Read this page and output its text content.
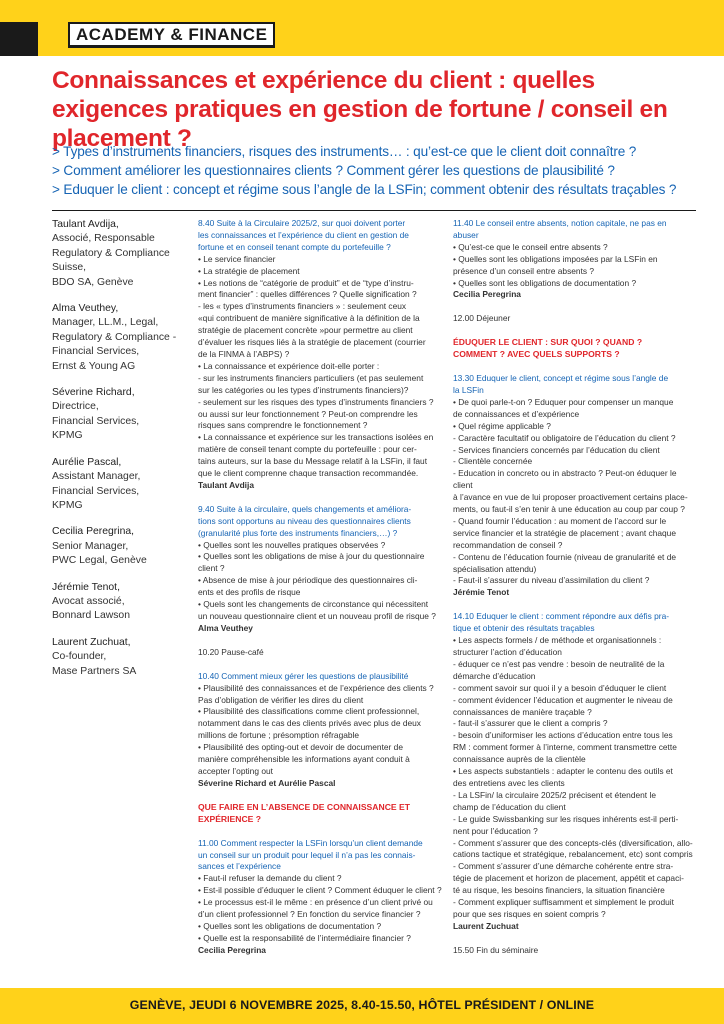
ACADEMY & FINANCE
Connaissances et expérience du client : quelles exigences pratiques en gestion de fortune / conseil en placement ?
> Types d’instruments financiers, risques des instruments… : qu’est-ce que le client doit connaître ?
> Comment améliorer les questionnaires clients ? Comment gérer les questions de plausibilité ?
> Eduquer le client : concept et régime sous l’angle de la LSFin; comment obtenir des résultats traçables ?
Taulant Avdija,
Associé, Responsable
Regulatory & Compliance
Suisse,
BDO SA, Genève
Alma Veuthey,
Manager, LL.M., Legal,
Regulatory & Compliance -
Financial Services,
Ernst & Young AG
Séverine Richard,
Directrice,
Financial Services,
KPMG
Aurélie Pascal,
Assistant Manager,
Financial Services,
KPMG
Cecilia Peregrina,
Senior Manager,
PWC Legal, Genève
Jérémie Tenot,
Avocat associé,
Bonnard Lawson
Laurent Zuchuat,
Co-founder,
Mase Partners SA
8.40 Suite à la Circulaire 2025/2, sur quoi doivent porter
les connaissances et l’expérience du client en gestion de
fortune et en conseil tenant compte du portefeuille ?
• Le service financier
• La stratégie de placement
• Les notions de “catégorie de produit” et de “type d’instru-
ment financier” : quelles différences ? Quelle signification ?
- les « types d’instruments financiers » : seulement ceux
«qui contribuent de manière significative à la définition de la
stratégie de placement concrète »pour permettre au client
d’évaluer les risques liés à la stratégie de placement (courrier
de la FINMA à l’ABPS) ?
• La connaissance et expérience doit-elle porter :
- sur les instruments financiers particuliers (et pas seulement
sur les catégories ou les types d’instruments financiers)?
- seulement sur les risques des types d’instruments financiers ?
ou aussi sur leur fonctionnement ? Peut-on comprendre les
risques sans comprendre le fonctionnement ?
• La connaissance et expérience sur les transactions isolées en
matière de conseil tenant compte du portefeuille : pour cer-
tains auteurs, sur la base du Message relatif à la LSFin, il faut
que le client comprenne chaque transaction recommandée.
Taulant Avdija
9.40 Suite à la circulaire, quels changements et améliora-
tions sont opportuns au niveau des questionnaires clients
(granularité plus forte des instruments financiers,…) ?
• Quelles sont les nouvelles pratiques observées ?
• Quelles sont les obligations de mise à jour du questionnaire
client ?
• Absence de mise à jour périodique des questionnaires cli-
ents et des profils de risque
• Quels sont les changements de circonstance qui nécessitent
un nouveau questionnaire client et un nouveau profil de risque ?
Alma Veuthey
10.20 Pause-café
10.40 Comment mieux gérer les questions de plausibilité
• Plausibilité des connaissances et de l’expérience des clients ?
Pas d’obligation de vérifier les dires du client
• Plausibilité des classifications comme client professionnel,
notamment dans le cas des clients privés avec plus de deux
millions de fortune ; présomption réfragable
• Plausibilité des opting-out et devoir de documenter de
manière compréhensible les informations ayant conduit à
accepter l’opting out
Séverine Richard et Aurélie Pascal
QUE FAIRE EN L’ABSENCE DE CONNAISSANCE ET
EXPÉRIENCE ?
11.00 Comment respecter la LSFin lorsqu’un client demande
un conseil sur un produit pour lequel il n’a pas les connais-
sances et l’expérience
• Faut-il refuser la demande du client ?
• Est-il possible d’éduquer le client ? Comment éduquer le client ?
• Le processus est-il le même : en présence d’un client privé ou
d’un client professionnel ? En fonction du service financier ?
• Quelles sont les obligations de documentation ?
• Quelle est la responsabilité de l’intermédiaire financier ?
Cecilia Peregrina
11.40 Le conseil entre absents, notion capitale, ne pas en
abuser
• Qu’est-ce que le conseil entre absents ?
• Quelles sont les obligations imposées par la LSFin en
présence d’un conseil entre absents ?
• Quelles sont les obligations de documentation ?
Cecilia Peregrina
12.00 Déjeuner
ÉDUQUER LE CLIENT : SUR QUOI ? QUAND ?
COMMENT ? AVEC QUELS SUPPORTS ?
13.30 Eduquer le client, concept et régime sous l’angle de
la LSFin
• De quoi parle-t-on ? Eduquer pour compenser un manque
de connaissances et d’expérience
• Quel régime applicable ?
- Caractère facultatif ou obligatoire de l’éducation du client ?
- Services financiers concernés par l’éducation du client
- Clientèle concernée
- Education in concreto ou in abstracto ? Peut-on éduquer le client
à l’avance en vue de lui proposer proactivement certains place-
ments, ou faut-il s’en tenir à une éducation au coup par coup ?
- Quand fournir l’éducation : au moment de l’accord sur le
service financier et la stratégie de placement ; avant chaque
recommandation de conseil ?
- Contenu de l’éducation fournie (niveau de granularité et de
spécialisation attendu)
- Faut-il s’assurer du niveau d’assimilation du client ?
Jérémie Tenot
14.10 Eduquer le client : comment répondre aux défis pra-
tique et obtenir des résultats traçables
• Les aspects formels / de méthode et organisationnels :
structurer l’action d’éducation
- éduquer ce n’est pas vendre : besoin de neutralité de la
démarche d’éducation
- comment savoir sur quoi il y a besoin d’éduquer le client
- comment évidencer l’éducation et augmenter le niveau de
connaissances de manière traçable ?
- faut-il s’assurer que le client a compris ?
- besoin d’uniformiser les actions d’éducation entre tous les
RM : comment former à l’interne, comment transmettre cette
connaissance auprès de la clientèle
• Les aspects substantiels : adapter le contenu des outils et
des entretiens avec les clients
- La LSFin/ la circulaire 2025/2 précisent et étendent le
champ de l’éducation du client
- Le guide Swissbanking sur les risques inhérents est-il perti-
nent pour l’éducation ?
- Comment s’assurer que des concepts-clés (diversification, allo-
cations tactique et stratégique, rebalancement, etc) sont compris
- Comment s’assurer d’une démarche cohérente entre stra-
tégie de placement et horizon de placement, appétit et capaci-
té au risque, les besoins financiers, la situation financière
- Comment expliquer suffisamment et simplement le produit
pour que ses risques en soient compris ?
Laurent Zuchuat
15.50 Fin du séminaire
GENÈVE, JEUDI 6 NOVEMBRE 2025, 8.40-15.50, HÔTEL PRÉSIDENT / ONLINE
